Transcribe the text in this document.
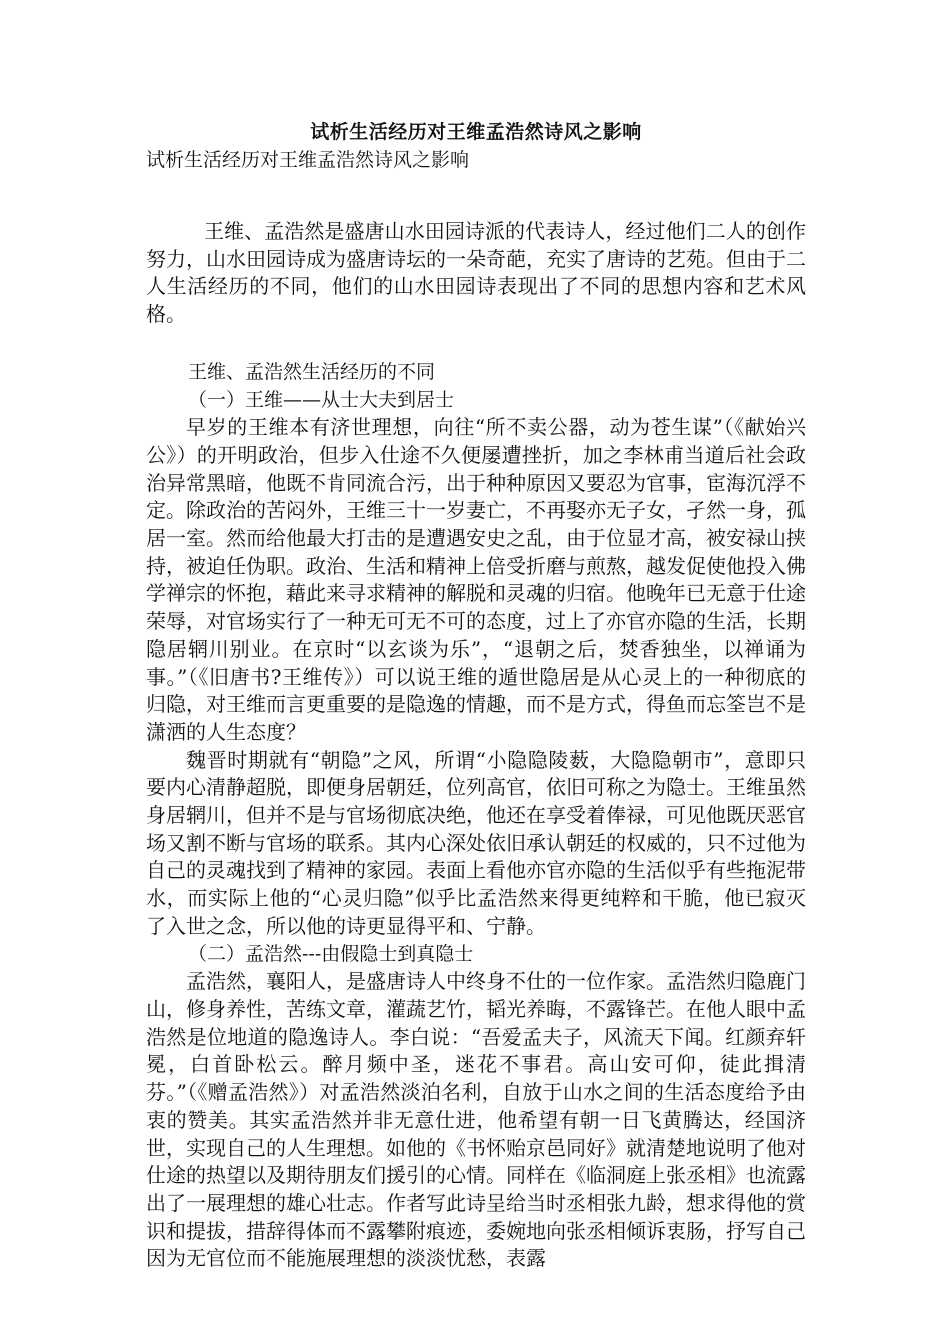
试析生活经历对王维孟浩然诗风之影响

试析生活经历对王维孟浩然诗风之影响

王维、孟浩然是盛唐山水田园诗派的代表诗人，经过他们二人的创作努力，山水田园诗成为盛唐诗坛的一朵奇葩，充实了唐诗的艺苑。但由于二人生活经历的不同，他们的山水田园诗表现出了不同的思想内容和艺术风格。

王维、孟浩然生活经历的不同

（一）王维——从士大夫到居士

早岁的王维本有济世理想，向往“所不卖公器，动为苍生谋”（《献始兴公》）的开明政治，但步入仕途不久便屡遭挫折，加之李林甫当道后社会政治异常黑暗，他既不肯同流合污，出于种种原因又要忍为官事，宦海沉浮不定。除政治的苦闷外，王维三十一岁妻亡，不再娶亦无子女，孑然一身，孤居一室。然而给他最大打击的是遭遇安史之乱，由于位显才高，被安禄山挟持，被迫任伪职。政治、生活和精神上倍受折磨与煎熬，越发促使他投入佛学禅宗的怀抱，藉此来寻求精神的解脱和灵魂的归宿。他晚年已无意于仕途荣辱，对官场实行了一种无可无不可的态度，过上了亦官亦隐的生活，长期隐居辋川别业。在京时“以玄谈为乐”，“退朝之后，焚香独坐，以禅诵为事。”（《旧唐书?王维传》）可以说王维的遁世隐居是从心灵上的一种彻底的归隐，对王维而言更重要的是隐逸的情趣，而不是方式，得鱼而忘筌岂不是潇洒的人生态度？

魏晋时期就有“朝隐”之风，所谓“小隐隐陵薮，大隐隐朝市”，意即只要内心清静超脱，即便身居朝廷，位列高官，依旧可称之为隐士。王维虽然身居辋川，但并不是与官场彻底决绝，他还在享受着俸禄，可见他既厌恶官场又割不断与官场的联系。其内心深处依旧承认朝廷的权威的，只不过他为自己的灵魂找到了精神的家园。表面上看他亦官亦隐的生活似乎有些拖泥带水，而实际上他的“心灵归隐”似乎比孟浩然来得更纯粹和干脆，他已寂灭了入世之念，所以他的诗更显得平和、宁静。

（二）孟浩然---由假隐士到真隐士

孟浩然，襄阳人，是盛唐诗人中终身不仕的一位作家。孟浩然归隐鹿门山，修身养性，苦练文章，灌蔬艺竹，韬光养晦，不露锋芒。在他人眼中孟浩然是位地道的隐逸诗人。李白说：“吾爱孟夫子，风流天下闻。红颜弃轩冕，白首卧松云。醉月频中圣，迷花不事君。高山安可仰，徒此揖清芬。”（《赠孟浩然》）对孟浩然淡泊名利，自放于山水之间的生活态度给予由衷的赞美。其实孟浩然并非无意仕进，他希望有朝一日飞黄腾达，经国济世，实现自己的人生理想。如他的《书怀贻京邑同好》就清楚地说明了他对仕途的热望以及期待朋友们援引的心情。同样在《临洞庭上张丞相》也流露出了一展理想的雄心壮志。作者写此诗呈给当时丞相张九龄，想求得他的赏识和提拔，措辞得体而不露攀附痕迹，委婉地向张丞相倾诉衷肠，抒写自己因为无官位而不能施展理想的淡淡忧愁，表露
